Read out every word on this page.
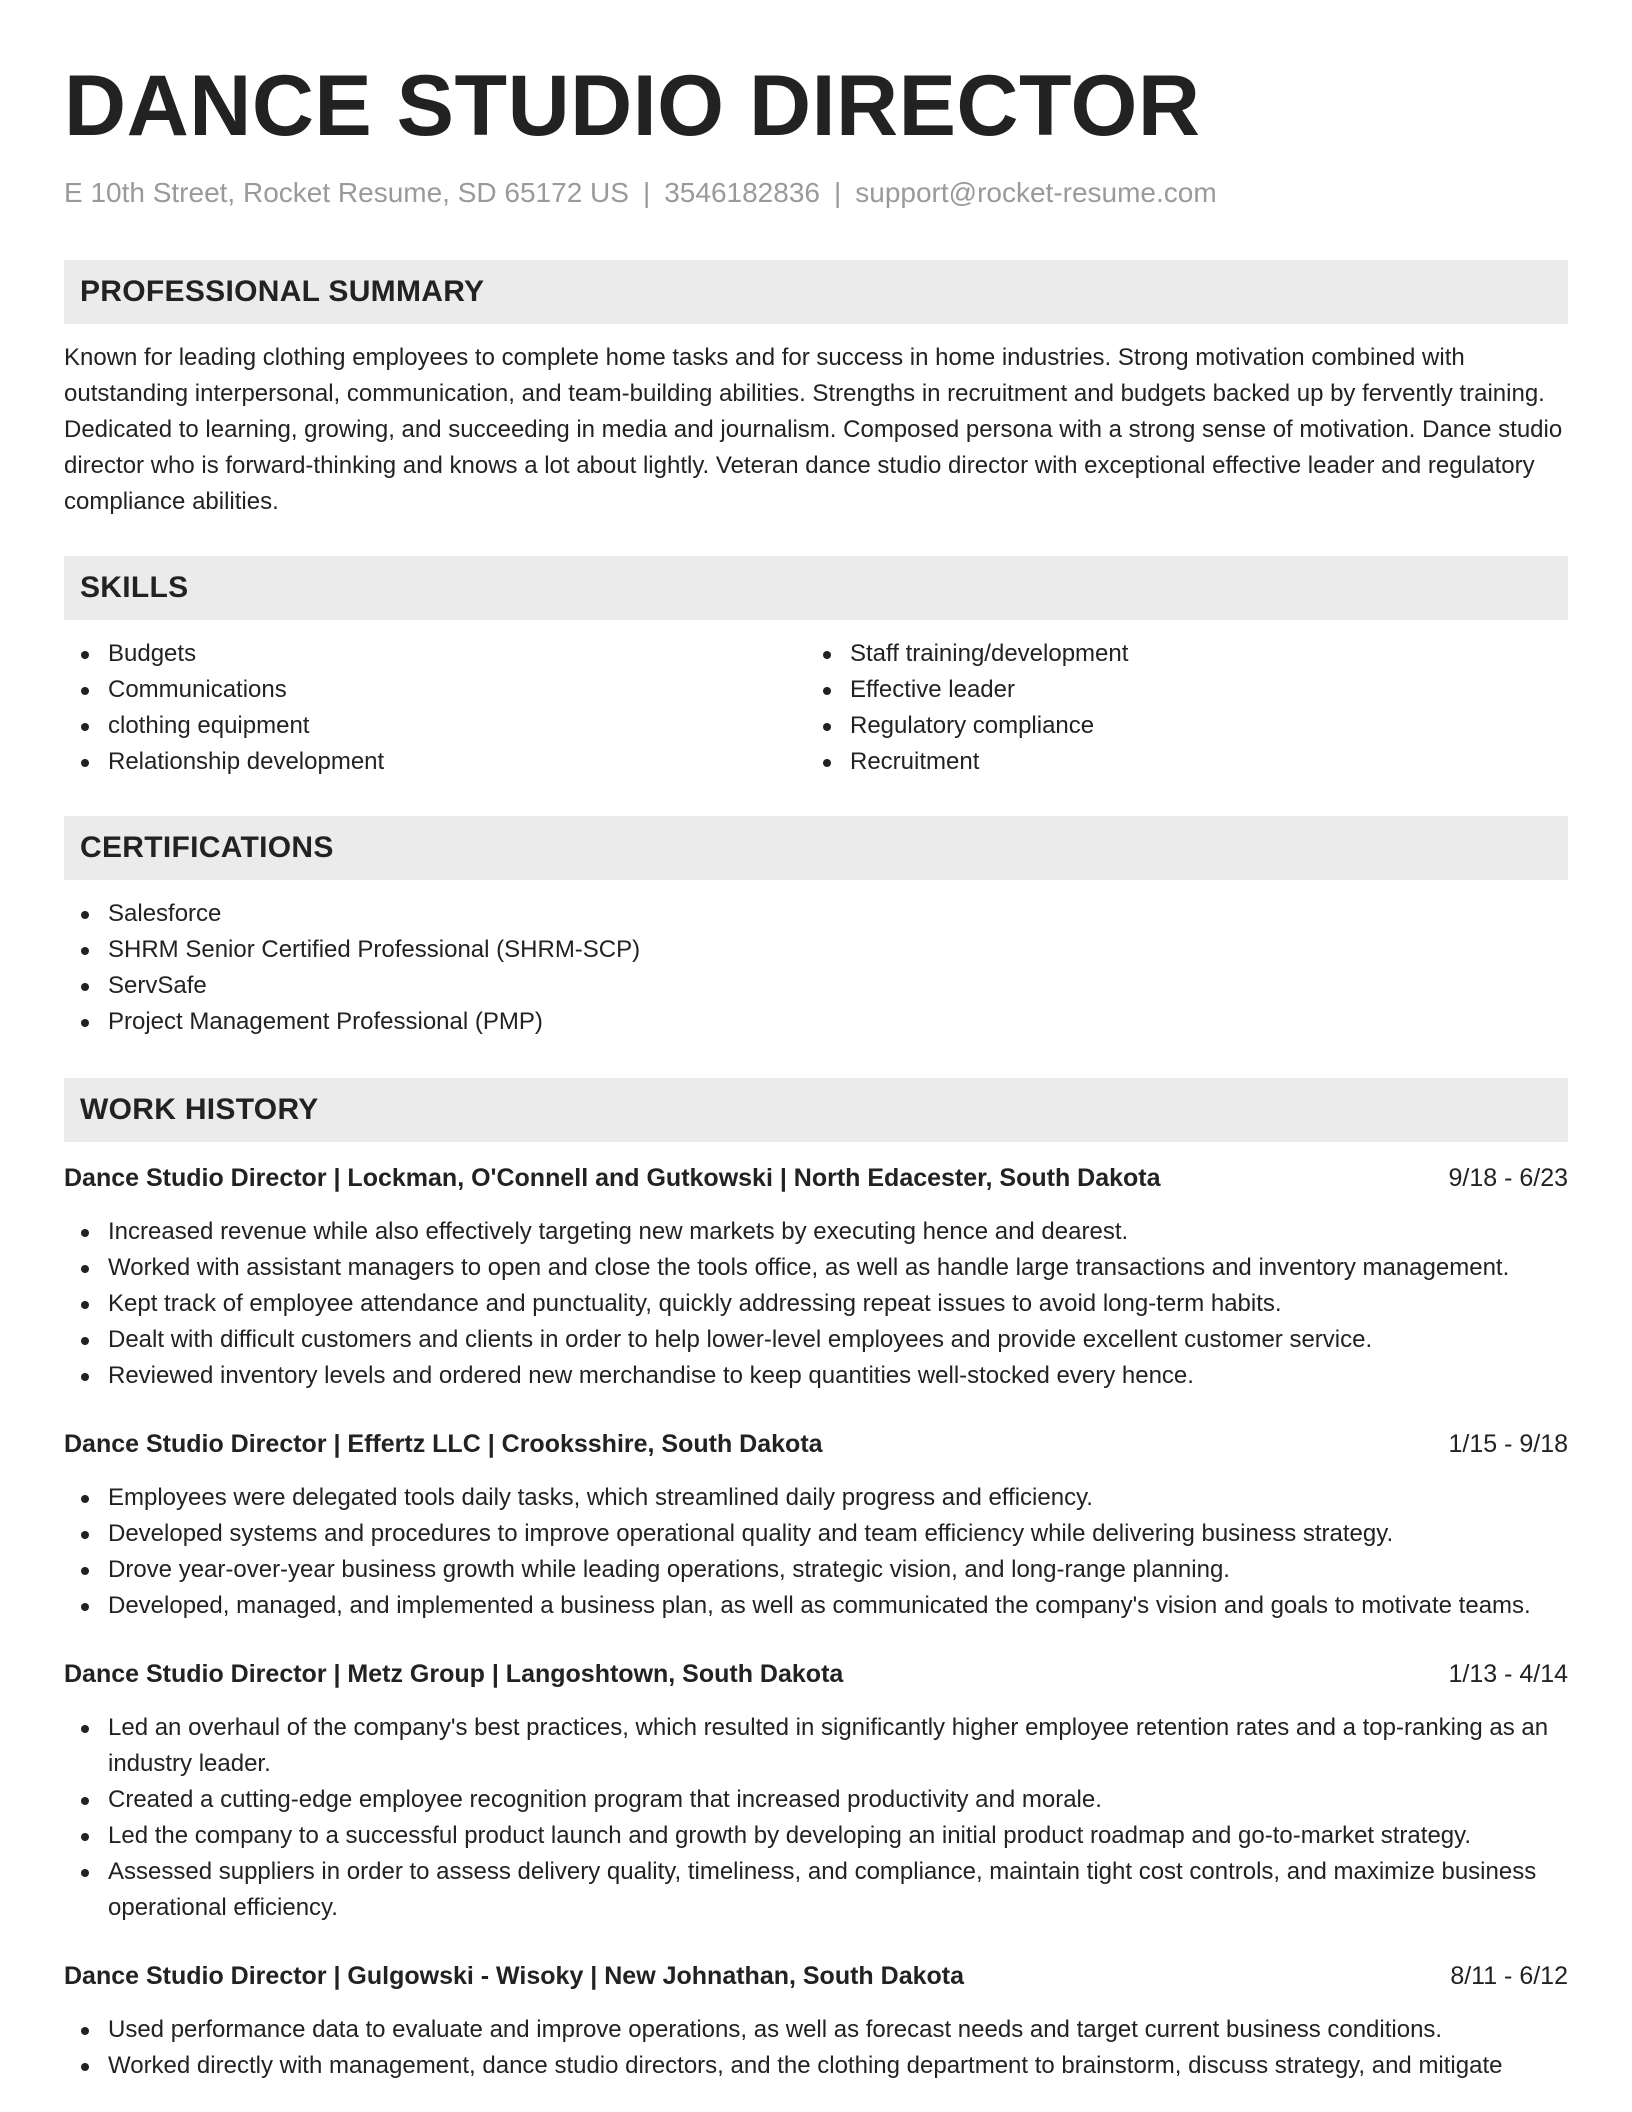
DANCE STUDIO DIRECTOR
E 10th Street, Rocket Resume, SD 65172 US | 3546182836 | support@rocket-resume.com
PROFESSIONAL SUMMARY

Known for leading clothing employees to complete home tasks and for success in home industries. Strong motivation combined with outstanding interpersonal, communication, and team-building abilities. Strengths in recruitment and budgets backed up by fervently training. Dedicated to learning, growing, and succeeding in media and journalism. Composed persona with a strong sense of motivation. Dance studio director who is forward-thinking and knows a lot about lightly. Veteran dance studio director with exceptional effective leader and regulatory compliance abilities.

SKILLS
Budgets
Communications
clothing equipment
Relationship development
Staff training/development
Effective leader
Regulatory compliance
Recruitment
CERTIFICATIONS
Salesforce
SHRM Senior Certified Professional (SHRM-SCP)
ServSafe
Project Management Professional (PMP)
WORK HISTORY
Dance Studio Director | Lockman, O'Connell and Gutkowski | North Edacester, South Dakota	9/18 - 6/23
Increased revenue while also effectively targeting new markets by executing hence and dearest.
Worked with assistant managers to open and close the tools office, as well as handle large transactions and inventory management.
Kept track of employee attendance and punctuality, quickly addressing repeat issues to avoid long-term habits.
Dealt with difficult customers and clients in order to help lower-level employees and provide excellent customer service.
Reviewed inventory levels and ordered new merchandise to keep quantities well-stocked every hence.
Dance Studio Director | Effertz LLC | Crooksshire, South Dakota	1/15 - 9/18
Employees were delegated tools daily tasks, which streamlined daily progress and efficiency.
Developed systems and procedures to improve operational quality and team efficiency while delivering business strategy.
Drove year-over-year business growth while leading operations, strategic vision, and long-range planning.
Developed, managed, and implemented a business plan, as well as communicated the company's vision and goals to motivate teams.
Dance Studio Director | Metz Group | Langoshtown, South Dakota	1/13 - 4/14
Led an overhaul of the company's best practices, which resulted in significantly higher employee retention rates and a top-ranking as an industry leader.
Created a cutting-edge employee recognition program that increased productivity and morale.
Led the company to a successful product launch and growth by developing an initial product roadmap and go-to-market strategy.
Assessed suppliers in order to assess delivery quality, timeliness, and compliance, maintain tight cost controls, and maximize business operational efficiency.
Dance Studio Director | Gulgowski - Wisoky | New Johnathan, South Dakota	8/11 - 6/12
Used performance data to evaluate and improve operations, as well as forecast needs and target current business conditions.
Worked directly with management, dance studio directors, and the clothing department to brainstorm, discuss strategy, and mitigate
